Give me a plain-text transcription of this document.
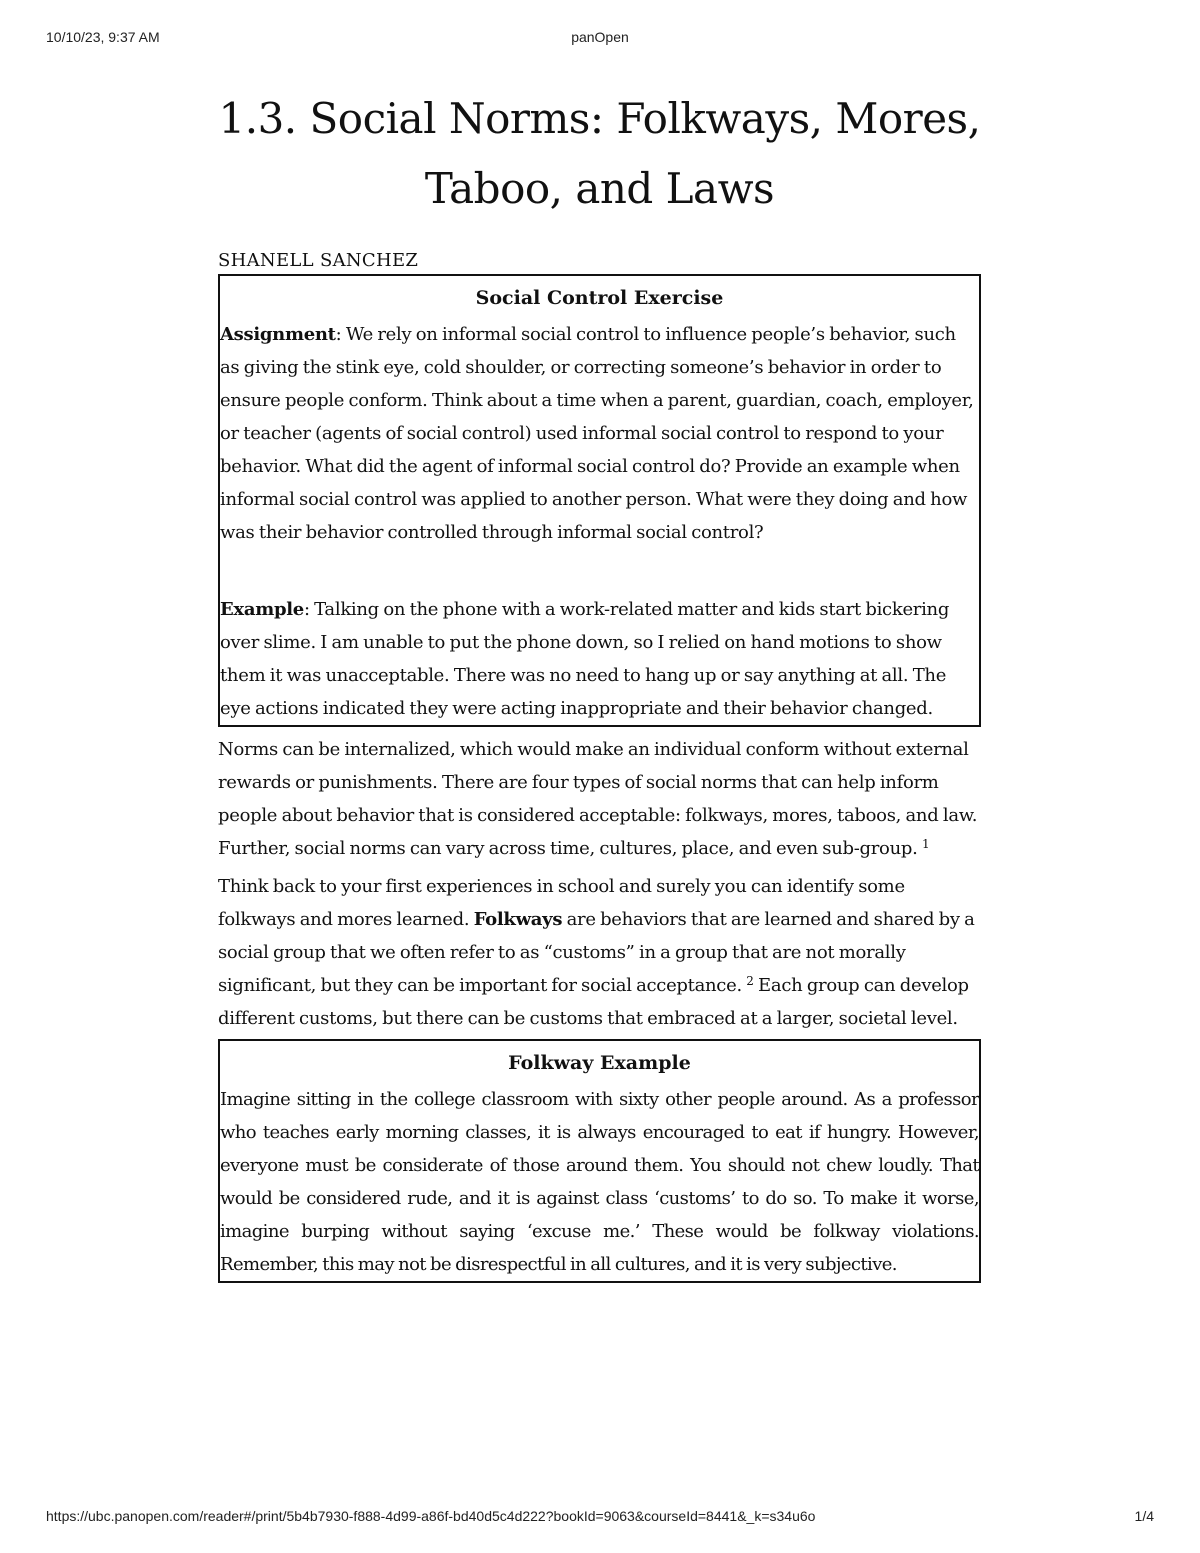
10/10/23, 9:37 AM	panOpen
1.3. Social Norms: Folkways, Mores,
Taboo, and Laws
SHANELL SANCHEZ
Social Control Exercise

Assignment: We rely on informal social control to influence people’s behavior, such as giving the stink eye, cold shoulder, or correcting someone’s behavior in order to ensure people conform. Think about a time when a parent, guardian, coach, employer, or teacher (agents of social control) used informal social control to respond to your behavior. What did the agent of informal social control do? Provide an example when informal social control was applied to another person. What were they doing and how was their behavior controlled through informal social control?

Example: Talking on the phone with a work-related matter and kids start bickering over slime. I am unable to put the phone down, so I relied on hand motions to show them it was unacceptable. There was no need to hang up or say anything at all. The eye actions indicated they were acting inappropriate and their behavior changed.

Norms can be internalized, which would make an individual conform without external rewards or punishments. There are four types of social norms that can help inform people about behavior that is considered acceptable: folkways, mores, taboos, and law. Further, social norms can vary across time, cultures, place, and even sub-group. $^1$

Think back to your first experiences in school and surely you can identify some folkways and mores learned. Folkways are behaviors that are learned and shared by a social group that we often refer to as “customs” in a group that are not morally significant, but they can be important for social acceptance. $^2$ Each group can develop different customs, but there can be customs that embraced at a larger, societal level.

Folkway Example

Imagine sitting in the college classroom with sixty other people around. As a professor who teaches early morning classes, it is always encouraged to eat if hungry. However, everyone must be considerate of those around them. You should not chew loudly. That would be considered rude, and it is against class ‘customs’ to do so. To make it worse, imagine burping without saying ‘excuse me.’ These would be folkway violations. Remember, this may not be disrespectful in all cultures, and it is very subjective.

https://ubc.panopen.com/reader#/print/5b4b7930-f888-4d99-a86f-bd40d5c4d222?bookId=9063&courseId=8441&_k=s34u6o	1/4
